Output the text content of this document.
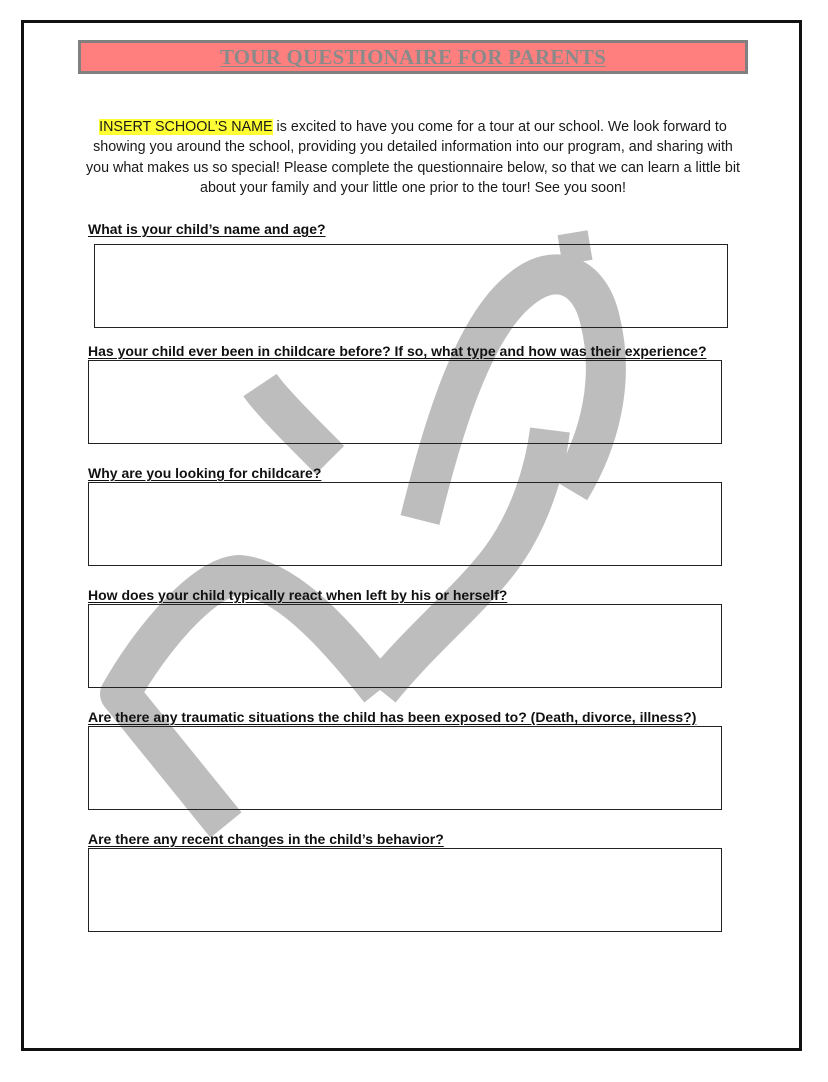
TOUR QUESTIONAIRE FOR PARENTS
INSERT SCHOOL’S NAME is excited to have you come for a tour at our school. We look forward to showing you around the school, providing you detailed information into our program, and sharing with you what makes us so special! Please complete the questionnaire below, so that we can learn a little bit about your family and your little one prior to the tour! See you soon!
What is your child’s name and age?
Has your child ever been in childcare before? If so, what type and how was their experience?
Why are you looking for childcare?
How does your child typically react when left by his or herself?
Are there any traumatic situations the child has been exposed to? (Death, divorce, illness?)
Are there any recent changes in the child’s behavior?
